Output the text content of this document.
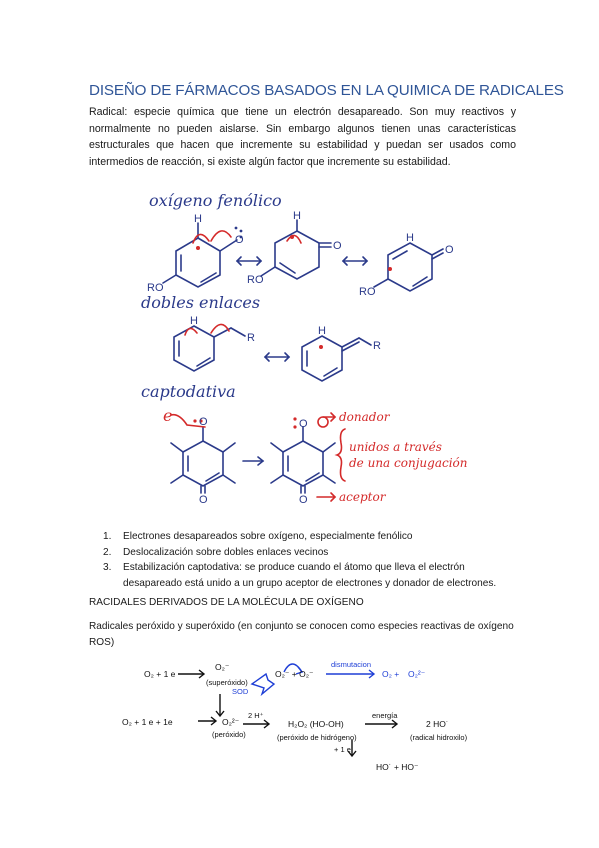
DISEÑO DE FÁRMACOS BASADOS EN LA QUIMICA DE RADICALES
Radical: especie química que tiene un electrón desapareado. Son muy reactivos y normalmente no pueden aislarse. Sin embargo algunos tienen unas características estructurales que hacen que incremente su estabilidad y puedan ser usados como intermedios de reacción, si existe algún factor que incremente su estabilidad.
oxígeno fenólico
dobles enlaces
captodativa
donador
unidos a través
de una conjugación
aceptor
RO
RO
RO
H	H
H
H
H
O	O	O
R
R
O
O
O
O
e
1. Electrones desapareados sobre oxígeno, especialmente fenólico
2. Deslocalización sobre dobles enlaces vecinos
3. Estabilización captodativa: se produce cuando el átomo que lleva el electrón desapareado está unido a un grupo aceptor de electrones y donador de electrones.
RACIDALES DERIVADOS DE LA MOLÉCULA DE OXÍGENO
Radicales peróxido y superóxido (en conjunto se conocen como especies reactivas de oxígeno ROS)
O₂ + 1 e
O₂⁻
(superóxido)
O₂⁻ + O₂⁻	O₂ + O₂²⁻
dismutacion
SOD
O₂ + 1 e + 1e	O₂²⁻
(peróxido)
2 H⁺
H₂O₂ (HO-OH)
(peróxido de hidrógeno)
energía
2 HO˙
(radical hidroxilo)
+ 1 e
HO˙ + HO⁻
